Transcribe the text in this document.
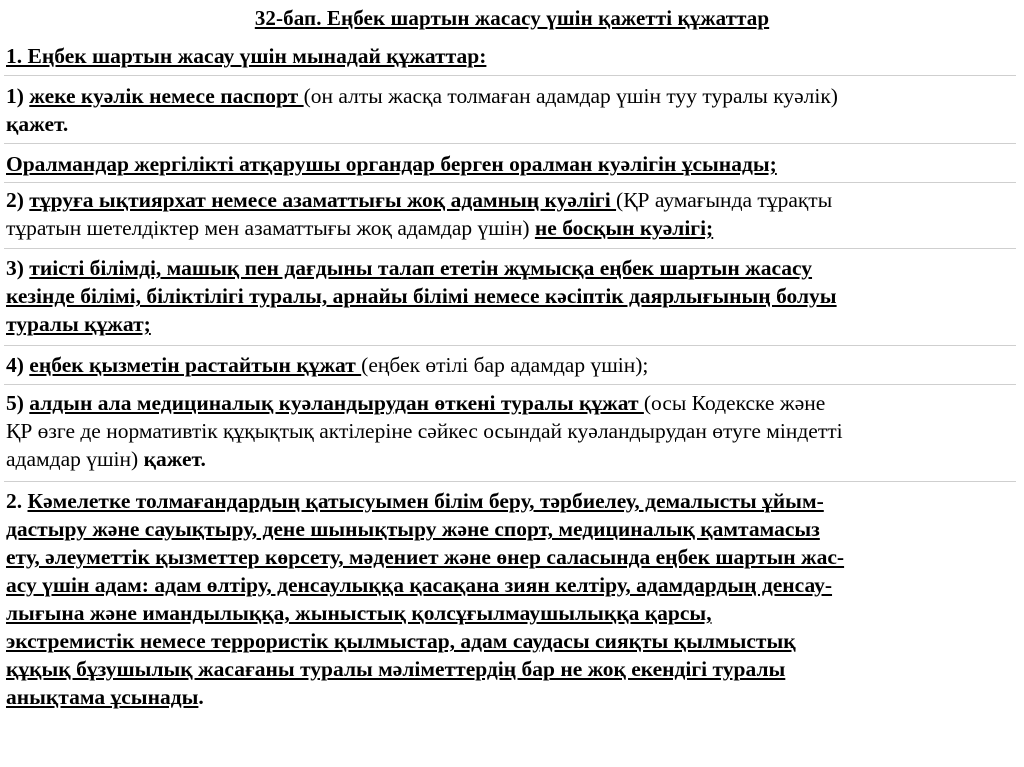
32-бап. Еңбек шартын жасасу үшін қажетті құжаттар
1. Еңбек шартын жасау үшін мынадай құжаттар:
1) жеке куәлік немесе паспорт (он алты жасқа толмаған адамдар үшін туу туралы куәлік)
қажет.
Оралмандар жергілікті атқарушы органдар берген оралман куәлігін ұсынады;
2) тұруға ықтиярхат немесе азаматтығы жоқ адамның куәлігі (ҚР аумағында тұрақты
тұратын шетелдіктер мен азаматтығы жоқ адамдар үшін) не босқын куәлігі;
3) тиісті білімді, машық пен дағдыны талап ететін жұмысқа еңбек шартын жасасу
кезінде білімі, біліктілігі туралы, арнайы білімі немесе кәсіптік даярлығының болуы
туралы құжат;
4) еңбек қызметін растайтын құжат (еңбек өтілі бар адамдар үшін);
5) алдын ала медициналық куәландырудан өткені туралы құжат (осы Кодекске және
ҚР өзге де нормативтік құқықтық актілеріне сәйкес осындай куәландырудан өтуге міндетті
адамдар үшін) қажет.
2. Кәмелетке толмағандардың қатысуымен білім беру, тәрбиелеу, демалысты ұйым-
дастыру және сауықтыру, дене шынықтыру және спорт, медициналық қамтамасыз
ету, әлеуметтік қызметтер көрсету, мәдениет және өнер саласында еңбек шартын жас-
асу үшін адам: адам өлтіру, денсаулыққа қасақана зиян келтіру, адамдардың денсау-
лығына және имандылыққа, жыныстық қолсұғылмаушылыққа қарсы,
экстремистік немесе террористік қылмыстар, адам саудасы сияқты қылмыстық
құқық бұзушылық жасағаны туралы мәліметтердің бар не жоқ екендігі туралы
анықтама ұсынады.
